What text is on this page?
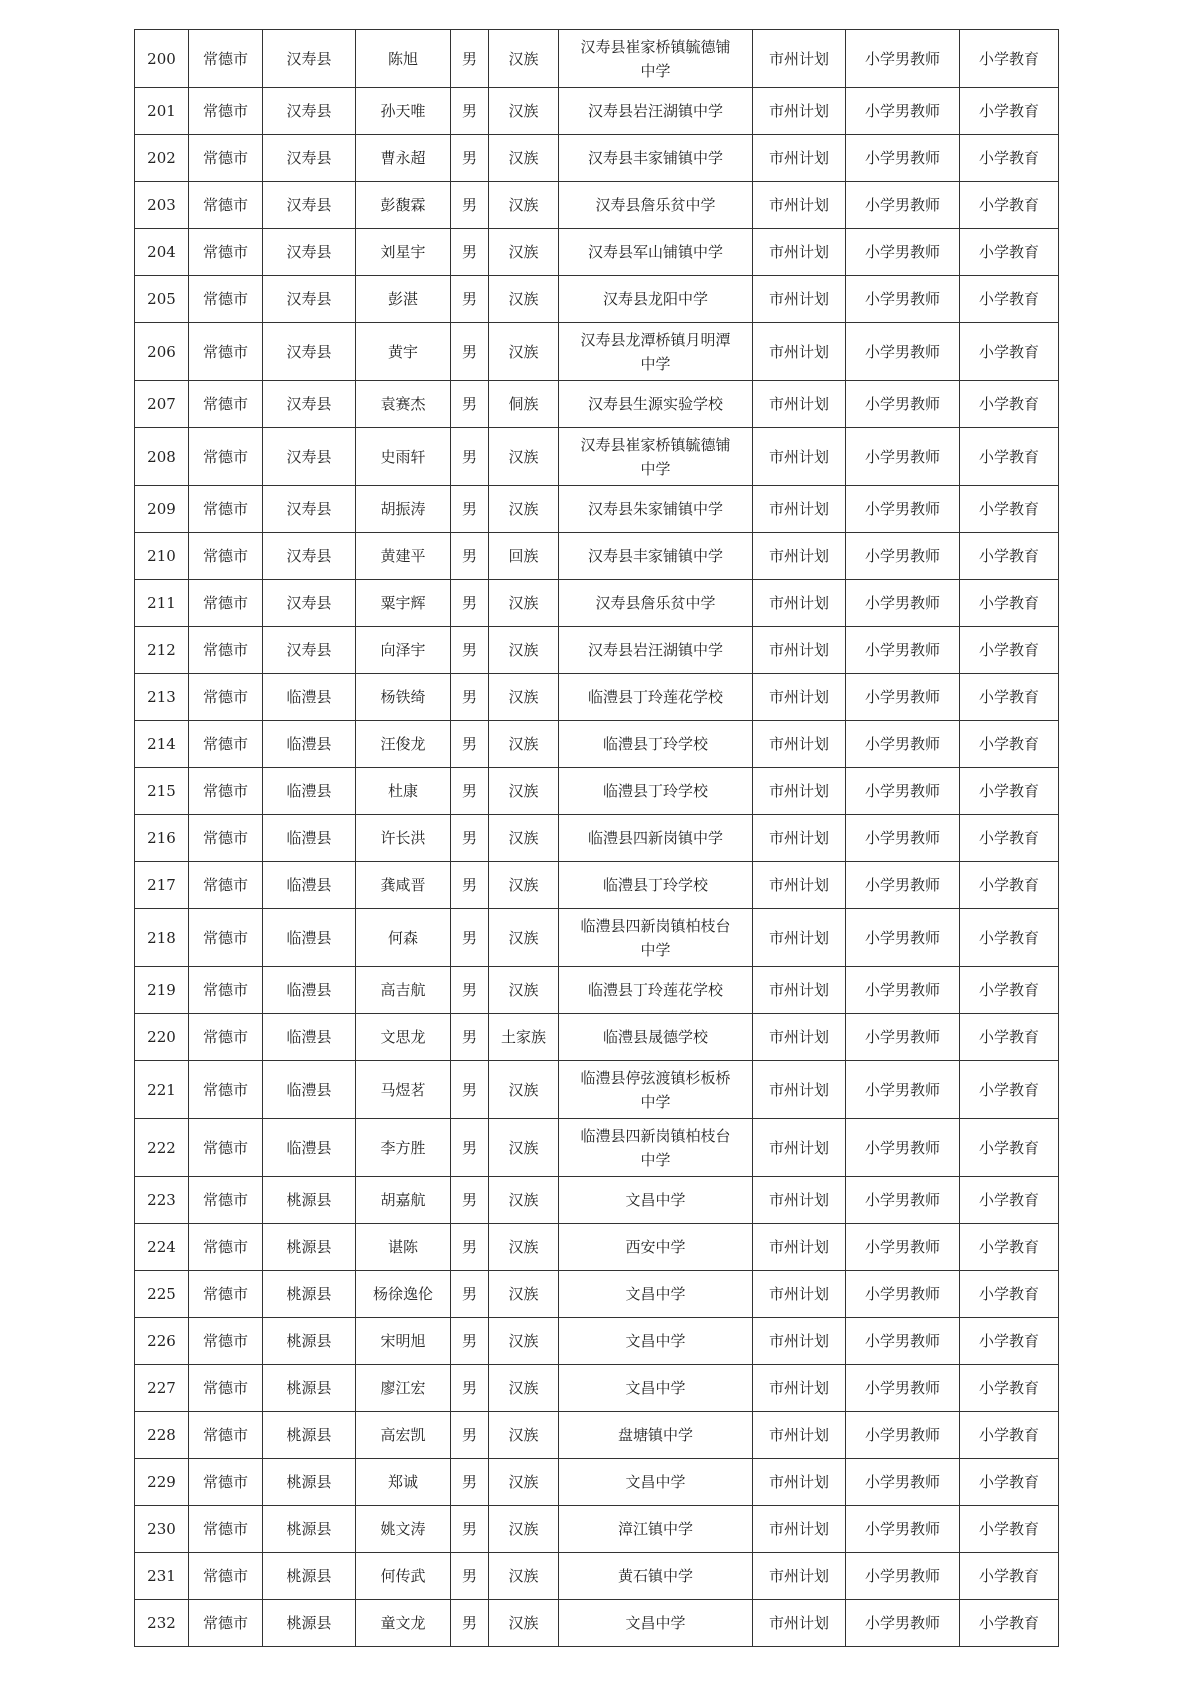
200	常德市	汉寿县	陈旭	男	汉族	汉寿县崔家桥镇毓德铺中学	市州计划	小学男教师	小学教育
201	常德市	汉寿县	孙天唯	男	汉族	汉寿县岩汪湖镇中学	市州计划	小学男教师	小学教育
202	常德市	汉寿县	曹永超	男	汉族	汉寿县丰家铺镇中学	市州计划	小学男教师	小学教育
203	常德市	汉寿县	彭馥霖	男	汉族	汉寿县詹乐贫中学	市州计划	小学男教师	小学教育
204	常德市	汉寿县	刘星宇	男	汉族	汉寿县军山铺镇中学	市州计划	小学男教师	小学教育
205	常德市	汉寿县	彭湛	男	汉族	汉寿县龙阳中学	市州计划	小学男教师	小学教育
206	常德市	汉寿县	黄宇	男	汉族	汉寿县龙潭桥镇月明潭中学	市州计划	小学男教师	小学教育
207	常德市	汉寿县	袁赛杰	男	侗族	汉寿县生源实验学校	市州计划	小学男教师	小学教育
208	常德市	汉寿县	史雨轩	男	汉族	汉寿县崔家桥镇毓德铺中学	市州计划	小学男教师	小学教育
209	常德市	汉寿县	胡振涛	男	汉族	汉寿县朱家铺镇中学	市州计划	小学男教师	小学教育
210	常德市	汉寿县	黄建平	男	回族	汉寿县丰家铺镇中学	市州计划	小学男教师	小学教育
211	常德市	汉寿县	粟宇辉	男	汉族	汉寿县詹乐贫中学	市州计划	小学男教师	小学教育
212	常德市	汉寿县	向泽宇	男	汉族	汉寿县岩汪湖镇中学	市州计划	小学男教师	小学教育
213	常德市	临澧县	杨铁绮	男	汉族	临澧县丁玲莲花学校	市州计划	小学男教师	小学教育
214	常德市	临澧县	汪俊龙	男	汉族	临澧县丁玲学校	市州计划	小学男教师	小学教育
215	常德市	临澧县	杜康	男	汉族	临澧县丁玲学校	市州计划	小学男教师	小学教育
216	常德市	临澧县	许长洪	男	汉族	临澧县四新岗镇中学	市州计划	小学男教师	小学教育
217	常德市	临澧县	龚咸晋	男	汉族	临澧县丁玲学校	市州计划	小学男教师	小学教育
218	常德市	临澧县	何森	男	汉族	临澧县四新岗镇柏枝台中学	市州计划	小学男教师	小学教育
219	常德市	临澧县	高吉航	男	汉族	临澧县丁玲莲花学校	市州计划	小学男教师	小学教育
220	常德市	临澧县	文思龙	男	土家族	临澧县晟德学校	市州计划	小学男教师	小学教育
221	常德市	临澧县	马煜茗	男	汉族	临澧县停弦渡镇杉板桥中学	市州计划	小学男教师	小学教育
222	常德市	临澧县	李方胜	男	汉族	临澧县四新岗镇柏枝台中学	市州计划	小学男教师	小学教育
223	常德市	桃源县	胡嘉航	男	汉族	文昌中学	市州计划	小学男教师	小学教育
224	常德市	桃源县	谌陈	男	汉族	西安中学	市州计划	小学男教师	小学教育
225	常德市	桃源县	杨徐逸伦	男	汉族	文昌中学	市州计划	小学男教师	小学教育
226	常德市	桃源县	宋明旭	男	汉族	文昌中学	市州计划	小学男教师	小学教育
227	常德市	桃源县	廖江宏	男	汉族	文昌中学	市州计划	小学男教师	小学教育
228	常德市	桃源县	高宏凯	男	汉族	盘塘镇中学	市州计划	小学男教师	小学教育
229	常德市	桃源县	郑诚	男	汉族	文昌中学	市州计划	小学男教师	小学教育
230	常德市	桃源县	姚文涛	男	汉族	漳江镇中学	市州计划	小学男教师	小学教育
231	常德市	桃源县	何传武	男	汉族	黄石镇中学	市州计划	小学男教师	小学教育
232	常德市	桃源县	童文龙	男	汉族	文昌中学	市州计划	小学男教师	小学教育
